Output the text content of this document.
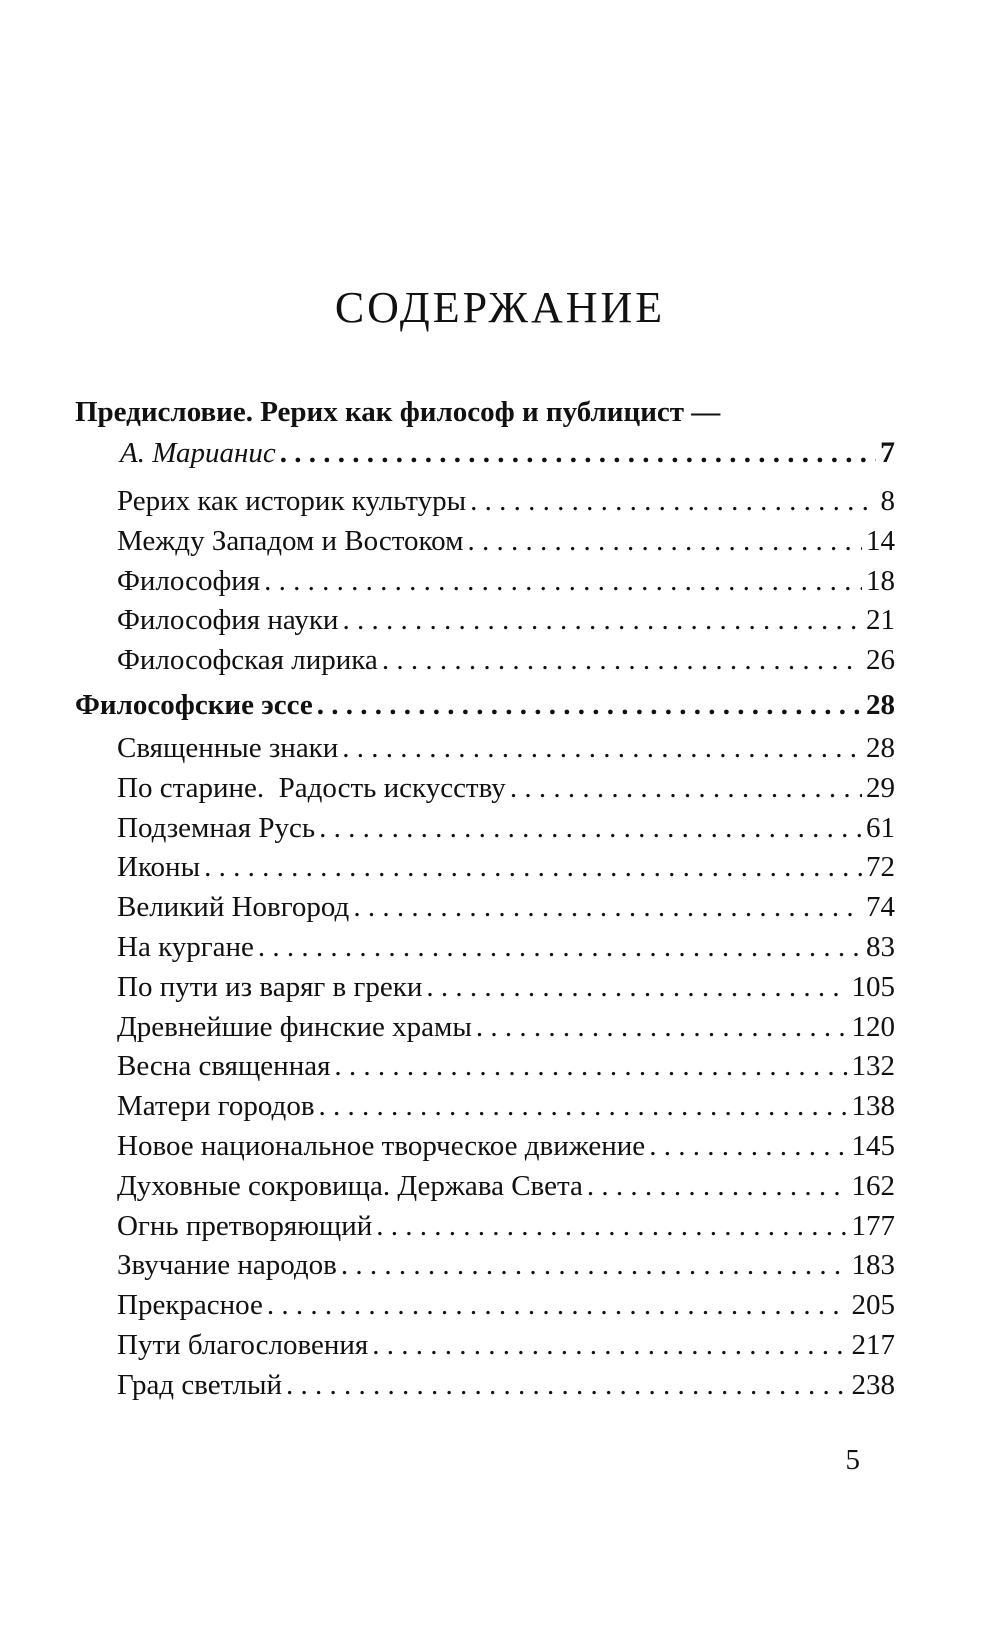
СОДЕРЖАНИЕ
Предисловие. Рерих как философ и публицист —
А. Марианис . . .	7
Рерих как историк культуры . . .	8
Между Западом и Востоком . . .	14
Философия . . .	18
Философия науки . . .	21
Философская лирика . . .	26
Философские эссе . . .	28
Священные знаки . . .	28
По старине.  Радость искусству . . .	29
Подземная Русь . . .	61
Иконы . . .	72
Великий Новгород . . .	74
На кургане . . .	83
По пути из варяг в греки . . .	105
Древнейшие финские храмы . . .	120
Весна священная . . .	132
Матери городов . . .	138
Новое национальное творческое движение . . .	145
Духовные сокровища. Держава Света . . .	162
Огнь претворяющий . . .	177
Звучание народов . . .	183
Прекрасное . . .	205
Пути благословения . . .	217
Град светлый . . .	238
5
